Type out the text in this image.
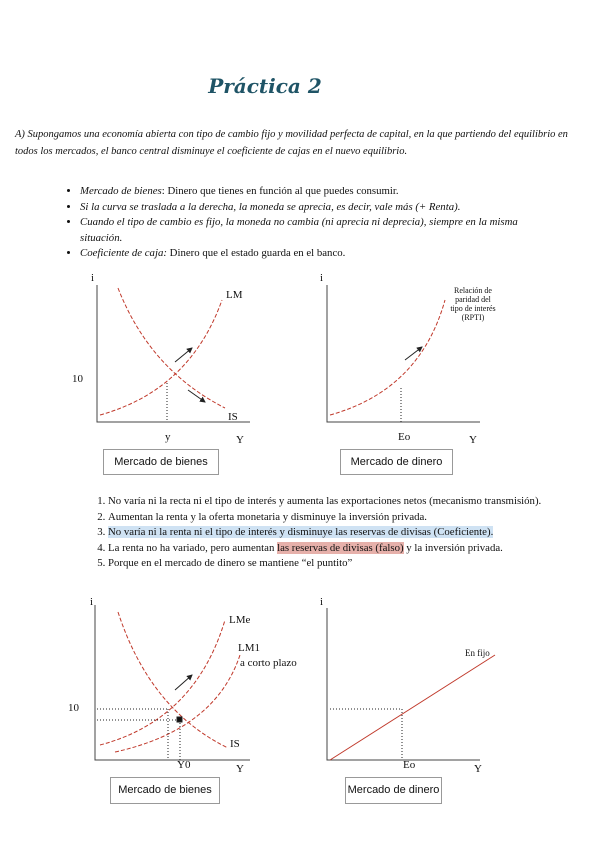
Práctica 2
A) Supongamos una economía abierta con tipo de cambio fijo y movilidad perfecta de capital, en la que partiendo del equilibrio en todos los mercados, el banco central disminuye el coeficiente de cajas en el nuevo equilibrio.
• Mercado de bienes: Dinero que tienes en función al que puedes consumir.
• Si la curva se traslada a la derecha, la moneda se aprecia, es decir, vale más (+ Renta).
• Cuando el tipo de cambio es fijo, la moneda no cambia (ni aprecia ni deprecia), siempre en la misma situación.
• Coeficiente de caja: Dinero que el estado guarda en el banco.
i
LM
10
IS
y	Y
Mercado de bienes
i
Relación de paridad del tipo de interés (RPTI)
Eo	Y
Mercado de dinero
1. No varía ni la recta ni el tipo de interés y aumenta las exportaciones netos (mecanismo transmisión).
2. Aumentan la renta y la oferta monetaria y disminuye la inversión privada.
3. No varía ni la renta ni el tipo de interés y disminuye las reservas de divisas (Coeficiente).
4. La renta no ha variado, pero aumentan las reservas de divisas (falso) y la inversión privada.
5. Porque en el mercado de dinero se mantiene “el puntito”
i
LMe
LM1
a corto plazo
10
IS
Y0	Y
Mercado de bienes
i
En fijo
Eo	Y
Mercado de dinero
